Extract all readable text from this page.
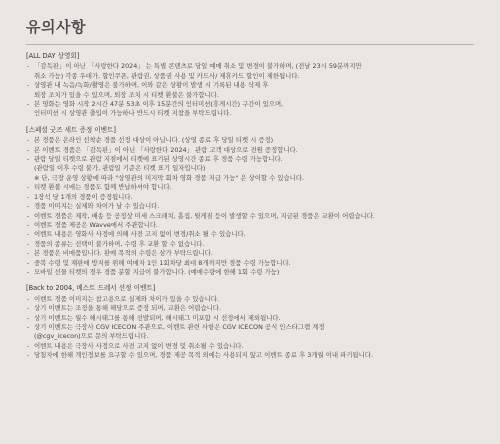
유의사항
[ALL DAY 상영회]
- 「감독판」이 아닌 「사랑한다 2024」 는 특별 콘텐츠로 당일 예매 취소 및 변경이 불가하며, (전날 23시 59분까지만
취소 가능) 각종 우대가, 할인쿠폰, 관람권, 상품권 사용 및 카드사/ 제휴카드 할인이 제한됩니다.
- 상영관 내 녹음/녹화/촬영은 불가하며, 이와 같은 상황이 발생 시 기록된 내용 삭제 후
퇴장 조치가 있을 수 있으며, 퇴장 조치 시 티켓 환불은 불가합니다.
- 본 영화는 영화 시작 2시간 47분 53초 이후 15분간의 인터미션(휴게시간) 구간이 있으며,
인터미션 시 상영관 출입이 가능하나 반드시 티켓 지참을 부탁드립니다.
[스페셜 굿즈 세트 증정 이벤트]
- 본 경품은 온라인 선착순 경품 선정 대상이 아닙니다. (상영 종료 후 당일 티켓 시 증정)
- 본 이벤트 경품은 「감독판」이 아닌 「사랑한다 2024」 관람 고객 대상으로 전원 증정합니다.
- 관람 당일 티켓으로 관람 지점에서 티켓에 표기된 상영시간 종료 후 경품 수령 가능합니다.
(관람일 이후 수령 불가, 관람일 기준은 티켓 표기 일자입니다)
※ 단, 극장 운영 상황에 따라 "상영관의 미지막 회차 영화 경품 지급 가능" 은 상이할 수 있습니다.
- 티켓 환불 시에는 경품도 함께 반납하셔야 합니다.
- 1장석 당 1개의 경품이 증정됩니다.
- 경품 이미지는 실제와 차이가 날 수 있습니다.
- 이벤트 경품은 제작, 배송 등 공정상 미세 스크래치, 홈집, 뒷게짐 등이 발생할 수 있으며, 지금된 경품은 교환이 어렵습니다.
- 이벤트 경품 제공은 Wavve에서 주관합니다.
- 이벤트 내용은 영화사 사정에 의해 사전 고지 없이 변경/취소 될 수 있습니다.
- 경품의 종류는 선택이 불가하며, 수령 후 교환 할 수 없습니다.
- 본 경품은 비매품입니다. 판매 목적의 수령은 삼가 부탁드립니다.
- 중복 수령 및 재판매 방지를 위해 여매자 1인 1회차당 최대 8개까지만 경품 수령 가능합니다.
- 모바일 선물 티켓의 경우 경품 분할 지급이 불가합니다. (예매수량에 한해 1회 수령 가능)
[Back to 2004, 베스트 드레서 선정 이벤트]
- 이벤트 경품 이미지는 참고용으로 실제와 차이가 있을 수 있습니다.
- 상기 이벤트는 조정을 통해 해당으로 증정 되며, 교환은 어렵습니다.
- 상기 이벤트는 월수 해시태그를 통해 선발되며, 해시태그 미포함 시 선정에서 제외됩니다.
- 상기 이벤트는 극장사 CGV ICECON 주관으로, 이벤트 관련 사항은 CGV ICECON 공식 인스타그램 계정
(@cgv_icecon)으로 문의 부탁드립니다.
- 이벤트 내용은 극장사 사정으로 사전 고지 없이 변경 및 취소될 수 있습니다.
- 당첨자에 한해 개인정보를 요구할 수 있으며, 경품 제공 목적 외에는 사용되지 않고 이벤트 종료 후 3개월 이내 파기됩니다.
